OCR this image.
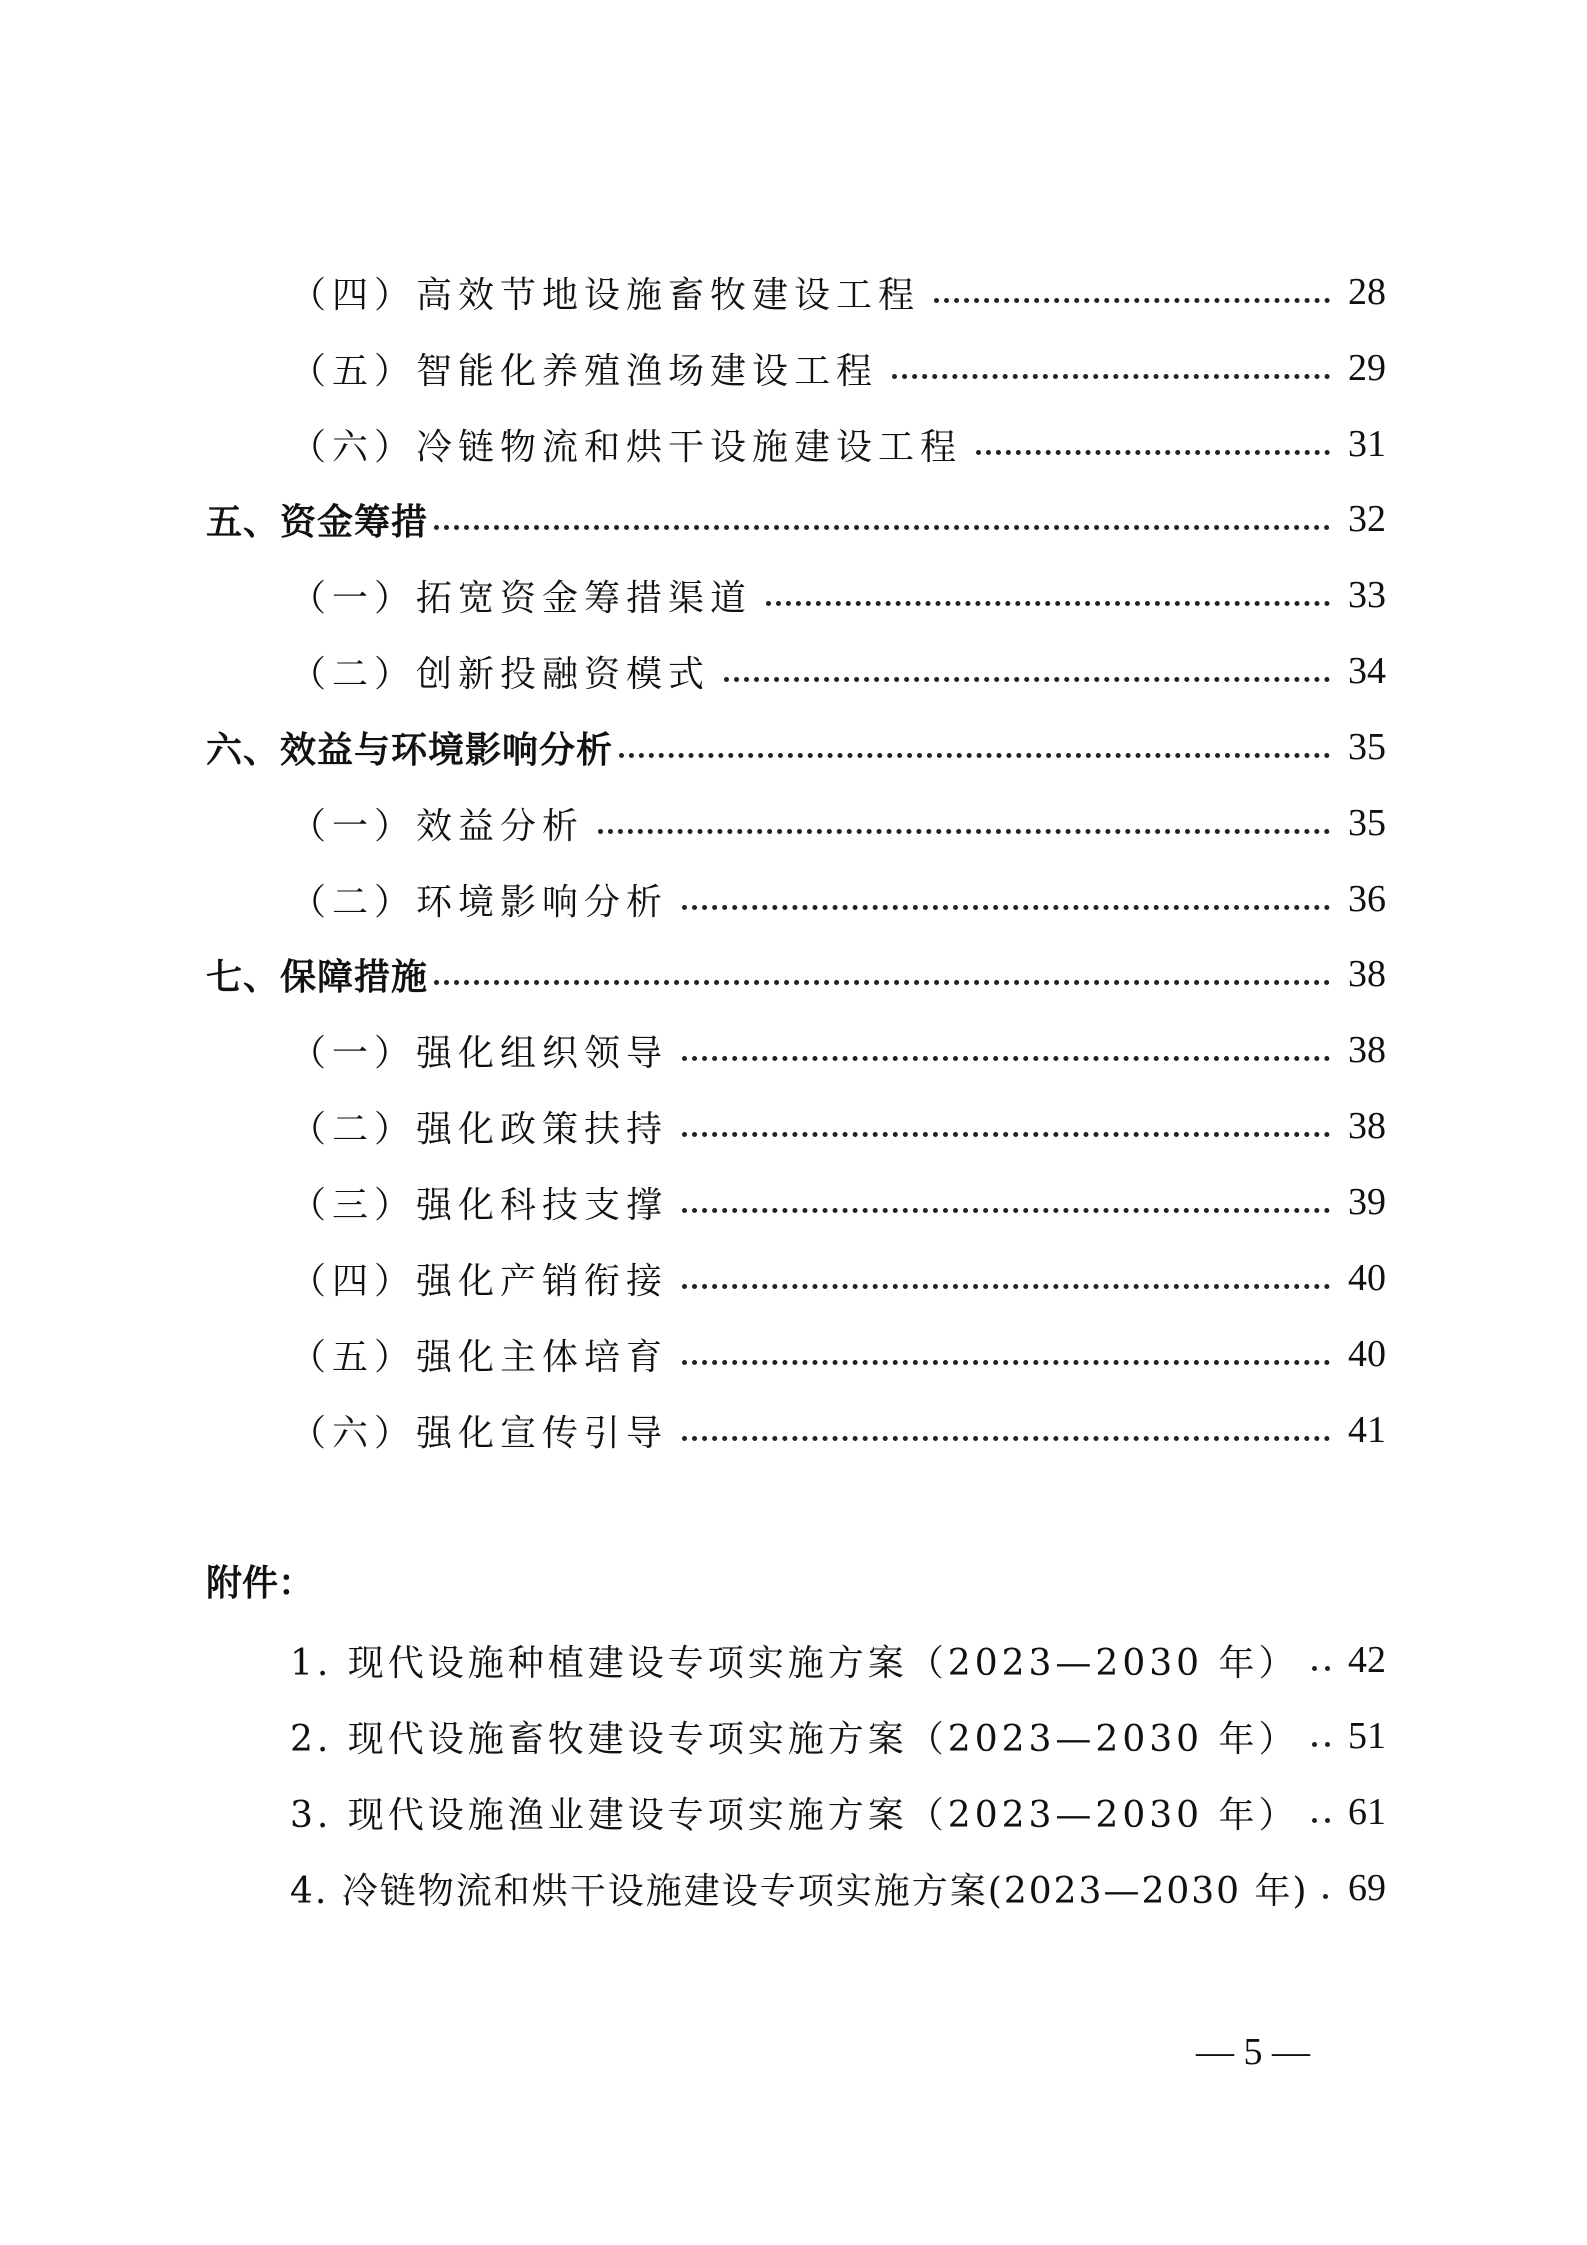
（四）高效节地设施畜牧建设工程	28
（五）智能化养殖渔场建设工程	29
（六）冷链物流和烘干设施建设工程	31
五、资金筹措	32
（一）拓宽资金筹措渠道	33
（二）创新投融资模式	34
六、效益与环境影响分析	35
（一）效益分析	35
（二）环境影响分析	36
七、保障措施	38
（一）强化组织领导	38
（二）强化政策扶持	38
（三）强化科技支撑	39
（四）强化产销衔接	40
（五）强化主体培育	40
（六）强化宣传引导	41
附件：
1. 现代设施种植建设专项实施方案（2023—2030 年） 42
2. 现代设施畜牧建设专项实施方案（2023—2030 年） 51
3. 现代设施渔业建设专项实施方案（2023—2030 年） 61
4. 冷链物流和烘干设施建设专项实施方案(2023—2030 年) 69
— 5 —
